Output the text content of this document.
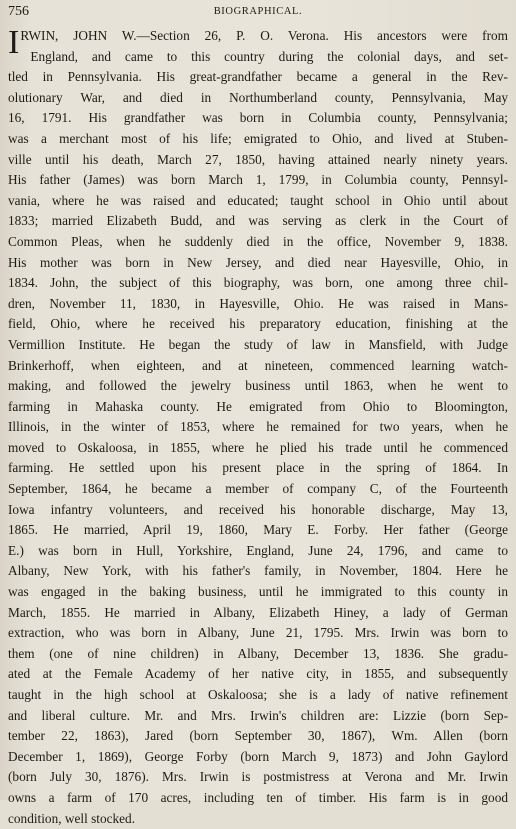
756	BIOGRAPHICAL.
I RWIN, JOHN W.—Section 26, P. O. Verona. His ancestors were from
England, and came to this country during the colonial days, and set-
tled in Pennsylvania. His great-grandfather became a general in the Rev-
olutionary War, and died in Northumberland county, Pennsylvania, May
16, 1791. His grandfather was born in Columbia county, Pennsylvania;
was a merchant most of his life; emigrated to Ohio, and lived at Stuben-
ville until his death, March 27, 1850, having attained nearly ninety years.
His father (James) was born March 1, 1799, in Columbia county, Pennsyl-
vania, where he was raised and educated; taught school in Ohio until about
1833; married Elizabeth Budd, and was serving as clerk in the Court of
Common Pleas, when he suddenly died in the office, November 9, 1838.
His mother was born in New Jersey, and died near Hayesville, Ohio, in
1834. John, the subject of this biography, was born, one among three chil-
dren, November 11, 1830, in Hayesville, Ohio. He was raised in Mans-
field, Ohio, where he received his preparatory education, finishing at the
Vermillion Institute. He began the study of law in Mansfield, with Judge
Brinkerhoff, when eighteen, and at nineteen, commenced learning watch-
making, and followed the jewelry business until 1863, when he went to
farming in Mahaska county. He emigrated from Ohio to Bloomington,
Illinois, in the winter of 1853, where he remained for two years, when he
moved to Oskaloosa, in 1855, where he plied his trade until he commenced
farming. He settled upon his present place in the spring of 1864. In
September, 1864, he became a member of company C, of the Fourteenth
Iowa infantry volunteers, and received his honorable discharge, May 13,
1865. He married, April 19, 1860, Mary E. Forby. Her father (George
E.) was born in Hull, Yorkshire, England, June 24, 1796, and came to
Albany, New York, with his father's family, in November, 1804. Here he
was engaged in the baking business, until he immigrated to this county in
March, 1855. He married in Albany, Elizabeth Hiney, a lady of German
extraction, who was born in Albany, June 21, 1795. Mrs. Irwin was born to
them (one of nine children) in Albany, December 13, 1836. She gradu-
ated at the Female Academy of her native city, in 1855, and subsequently
taught in the high school at Oskaloosa; she is a lady of native refinement
and liberal culture. Mr. and Mrs. Irwin's children are: Lizzie (born Sep-
tember 22, 1863), Jared (born September 30, 1867), Wm. Allen (born
December 1, 1869), George Forby (born March 9, 1873) and John Gaylord
(born July 30, 1876). Mrs. Irwin is postmistress at Verona and Mr. Irwin
owns a farm of 170 acres, including ten of timber. His farm is in good
condition, well stocked.
